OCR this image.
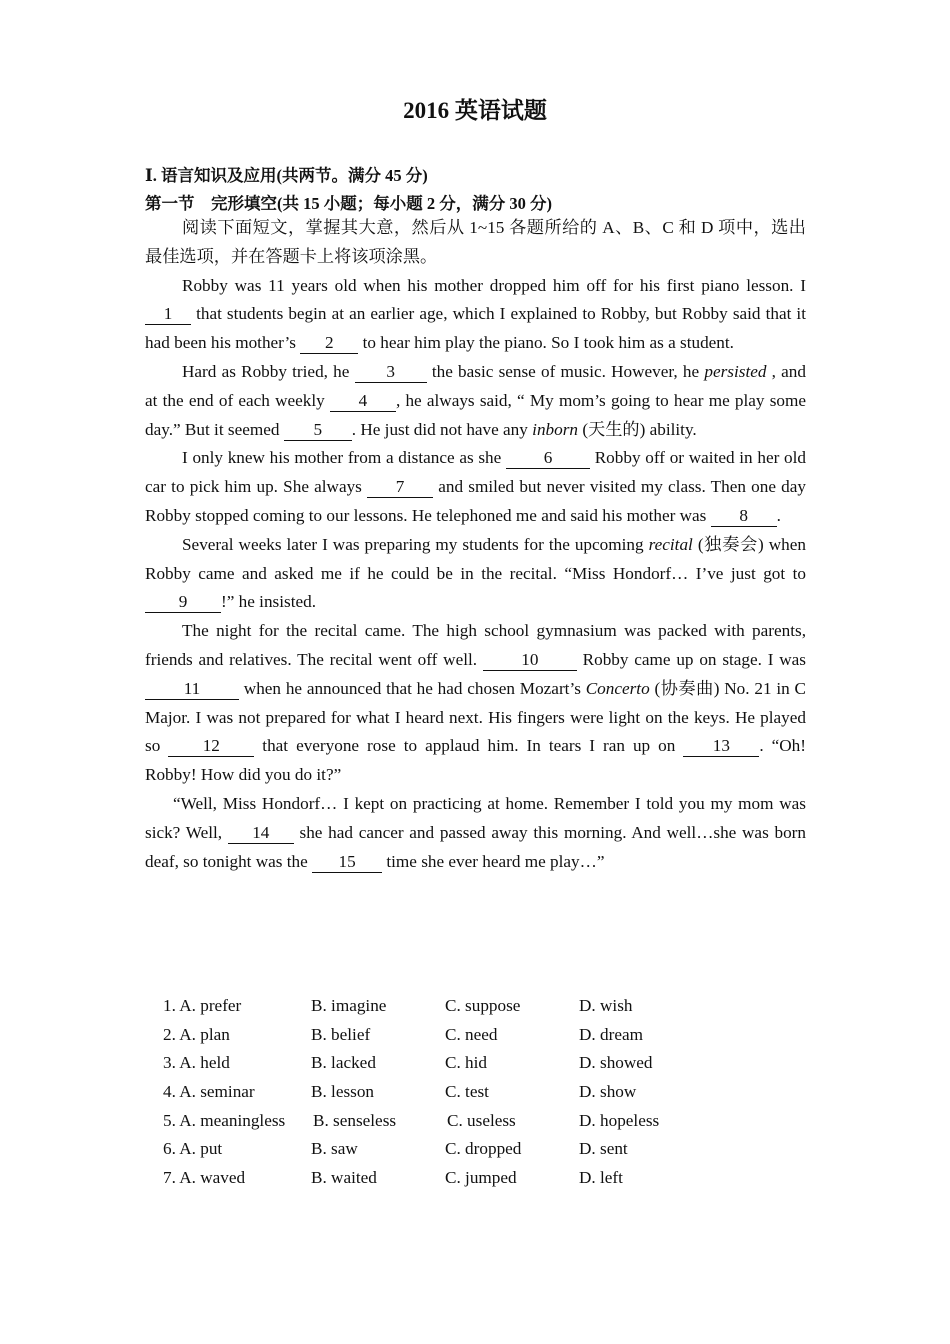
2016 英语试题
Ⅰ. 语言知识及应用(共两节。满分 45 分)
第一节　完形填空(共 15 小题；每小题 2 分，满分 30 分)

阅读下面短文，掌握其大意，然后从 1~15 各题所给的 A、B、C 和 D 项中，选出最佳选项，并在答题卡上将该项涂黑。

Robby was 11 years old when his mother dropped him off for his first piano lesson. I 1 that students begin at an earlier age, which I explained to Robby, but Robby said that it had been his mother’s 2 to hear him play the piano. So I took him as a student.

Hard as Robby tried, he 3 the basic sense of music. However, he persisted , and at the end of each weekly 4 , he always said, “ My mom’s going to hear me play some day.” But it seemed 5 . He just did not have any inborn (天生的) ability.

I only knew his mother from a distance as she 6 Robby off or waited in her old car to pick him up. She always 7 and smiled but never visited my class. Then one day Robby stopped coming to our lessons. He telephoned me and said his mother was 8 .

Several weeks later I was preparing my students for the upcoming recital (独奏会) when Robby came and asked me if he could be in the recital. “Miss Hondorf… I’ve just got to 9 !” he insisted.

The night for the recital came. The high school gymnasium was packed with parents, friends and relatives. The recital went off well. 10 Robby came up on stage. I was 11 when he announced that he had chosen Mozart’s Concerto (协奏曲) No. 21 in C Major. I was not prepared for what I heard next. His fingers were light on the keys. He played so 12 that everyone rose to applaud him. In tears I ran up on 13 . “Oh! Robby! How did you do it?”

“Well, Miss Hondorf… I kept on practicing at home. Remember I told you my mom was sick? Well, 14 she had cancer and passed away this morning. And well…she was born deaf, so tonight was the 15 time she ever heard me play…”

1. A. prefer	B. imagine	C. suppose	D. wish
2. A. plan	B. belief	C. need	D. dream
3. A. held	B. lacked	C. hid	D. showed
4. A. seminar	B. lesson	C. test	D. show
5. A. meaningless B. senseless	C. useless	D. hopeless
6. A. put	B. saw	C. dropped	D. sent
7. A. waved	B. waited	C. jumped	D. left
